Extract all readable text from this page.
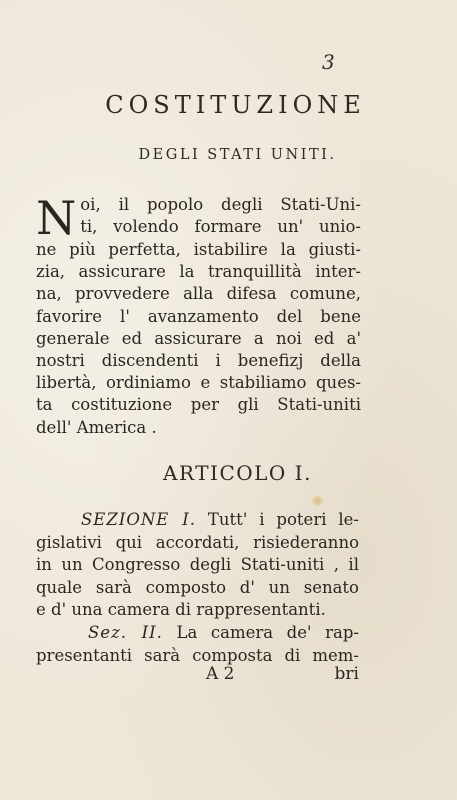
3
COSTITUZIONE
DEGLI STATI UNITI.
N oi, il popolo degli Stati-Uni-
ti, volendo formare un' unio-
ne più perfetta, istabilire la giusti-
zia, assicurare la tranquillità inter-
na, provvedere alla difesa comune,
favorire l' avanzamento del bene
generale ed assicurare a noi ed a'
nostri discendenti i benefizj della
libertà, ordiniamo e stabiliamo ques-
ta costituzione per gli Stati-uniti
dell' America .
ARTICOLO I.
SEZIONE I. Tutt' i poteri le-
gislativi qui accordati, risiederanno
in un Congresso degli Stati-uniti , il
quale sarà composto d' un senato
e d' una camera di rappresentanti.
Sez. II. La camera de' rap-
presentanti sarà composta di mem-
A 2	bri
